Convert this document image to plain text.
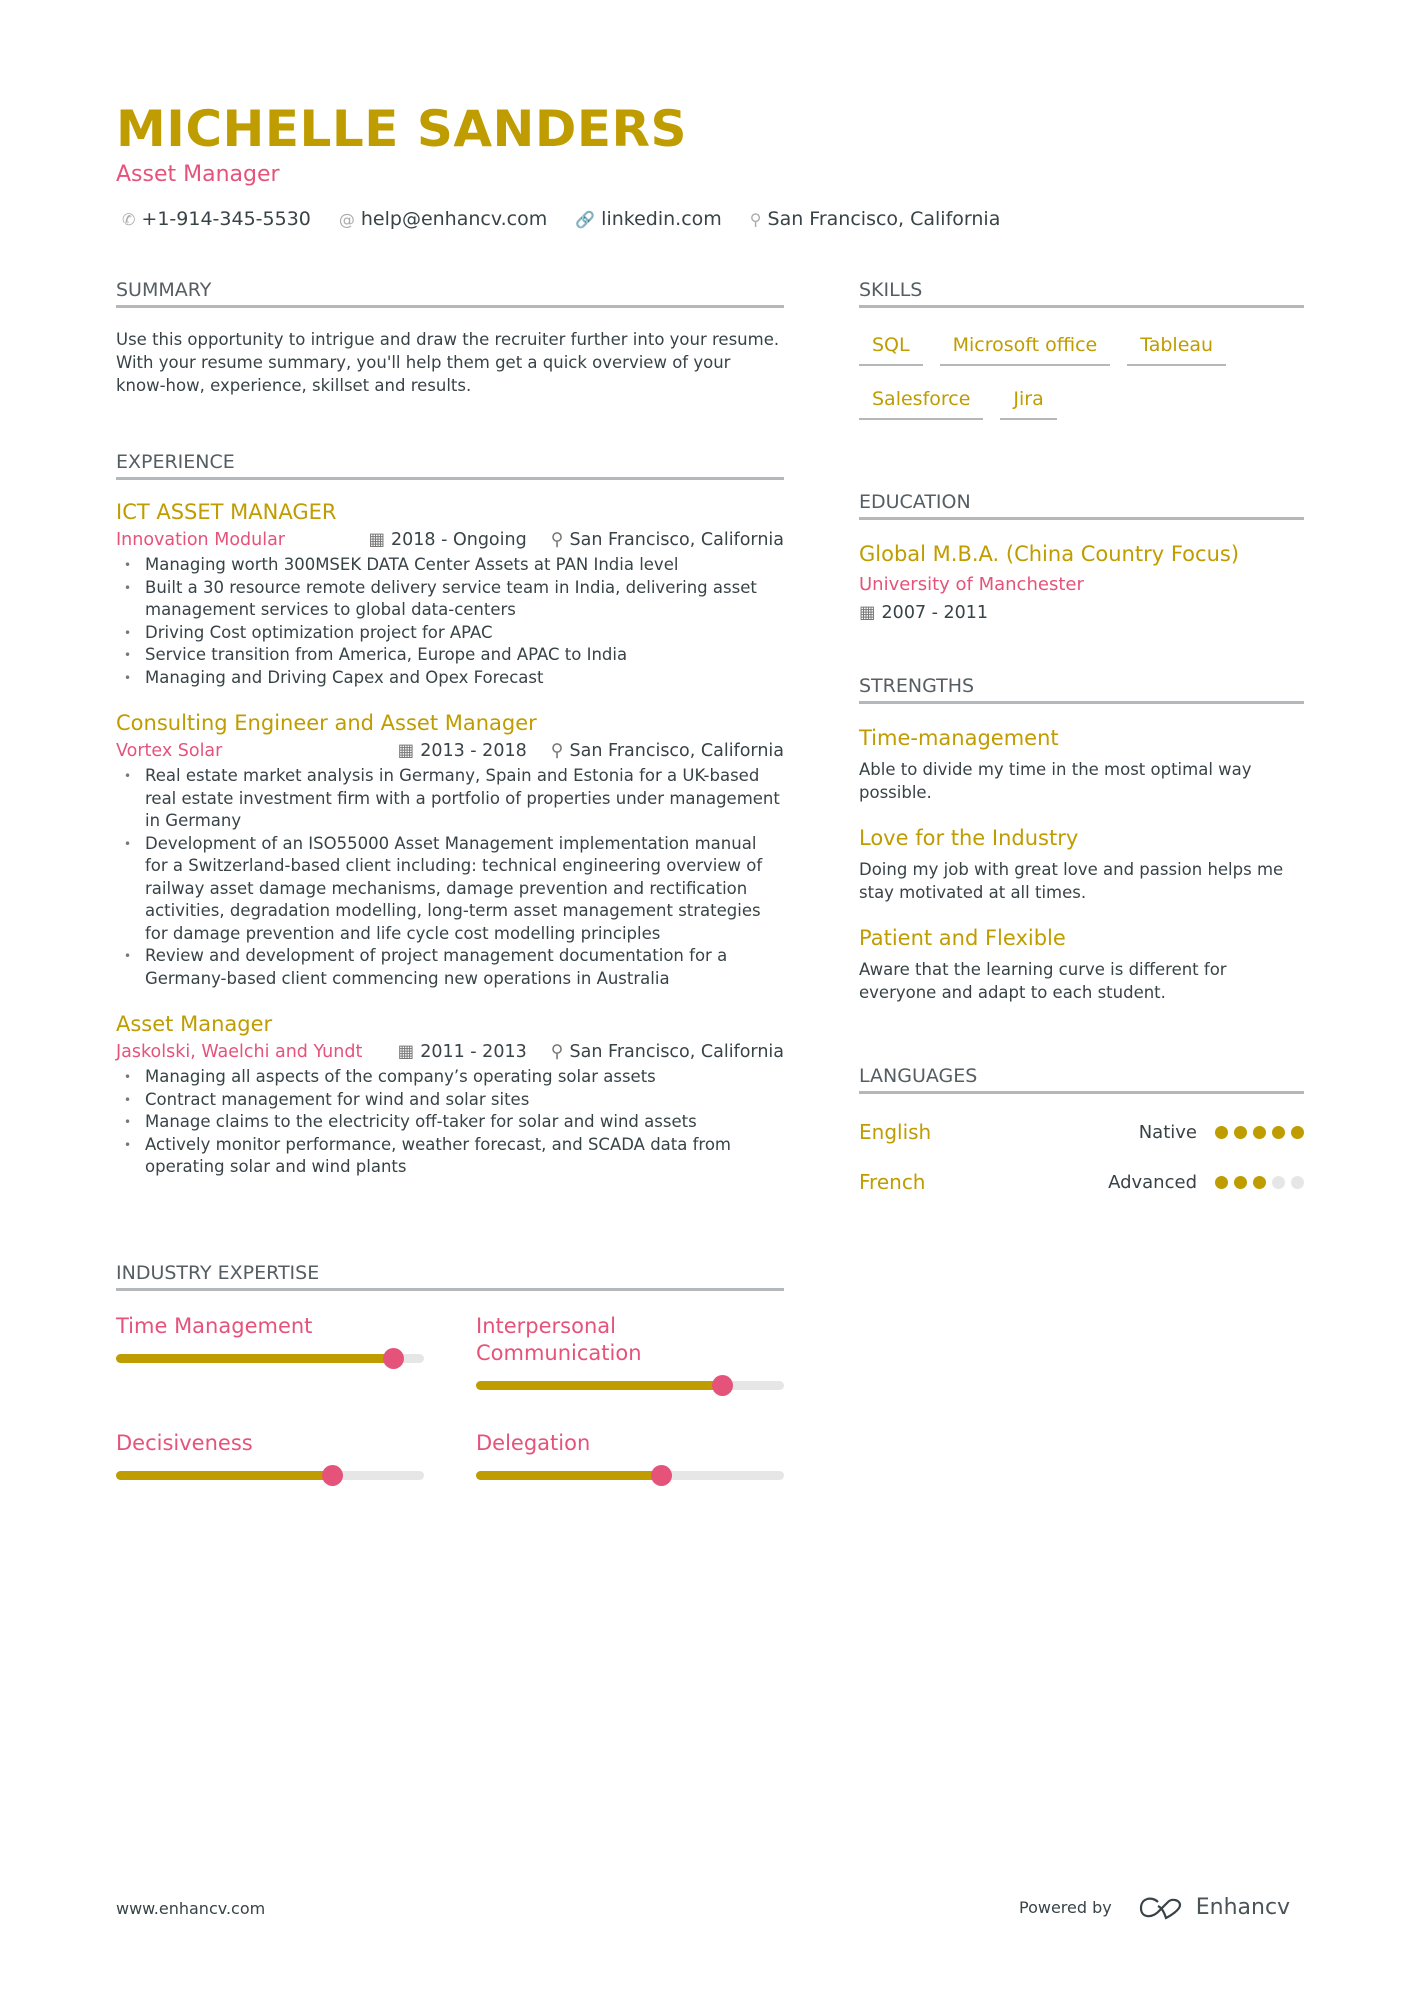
MICHELLE SANDERS
Asset Manager
✆ +1-914-345-5530 @ help@enhancv.com 🔗 linkedin.com ⚲ San Francisco, California
SUMMARY

Use this opportunity to intrigue and draw the recruiter further into your resume. With your resume summary, you'll help them get a quick overview of your know-how, experience, skillset and results.

EXPERIENCE
ICT ASSET MANAGER
Innovation Modular	▦ 2018 - Ongoing ⚲ San Francisco, California
• Managing worth 300MSEK DATA Center Assets at PAN India level
• Built a 30 resource remote delivery service team in India, delivering asset management services to global data-centers
• Driving Cost optimization project for APAC
• Service transition from America, Europe and APAC to India
• Managing and Driving Capex and Opex Forecast
Consulting Engineer and Asset Manager
Vortex Solar	▦ 2013 - 2018 ⚲ San Francisco, California
• Real estate market analysis in Germany, Spain and Estonia for a UK-based real estate investment firm with a portfolio of properties under management in Germany
• Development of an ISO55000 Asset Management implementation manual for a Switzerland-based client including: technical engineering overview of railway asset damage mechanisms, damage prevention and rectification activities, degradation modelling, long-term asset management strategies for damage prevention and life cycle cost modelling principles
• Review and development of project management documentation for a Germany-based client commencing new operations in Australia
Asset Manager
Jaskolski, Waelchi and Yundt ▦ 2011 - 2013 ⚲ San Francisco, California
• Managing all aspects of the company’s operating solar assets
• Contract management for wind and solar sites
• Manage claims to the electricity off-taker for solar and wind assets
• Actively monitor performance, weather forecast, and SCADA data from operating solar and wind plants
INDUSTRY EXPERTISE
Time Management	Interpersonal Communication
Decisiveness	Delegation
SKILLS
SQL	Microsoft office	Tableau
Salesforce	Jira
EDUCATION
Global M.B.A. (China Country Focus)
University of Manchester
▦ 2007 - 2011
STRENGTHS
Time-management

Able to divide my time in the most optimal way possible.

Love for the Industry

Doing my job with great love and passion helps me stay motivated at all times.

Patient and Flexible

Aware that the learning curve is different for everyone and adapt to each student.

LANGUAGES
English	Native
French	Advanced
www.enhancv.com	Powered by	Enhancv
